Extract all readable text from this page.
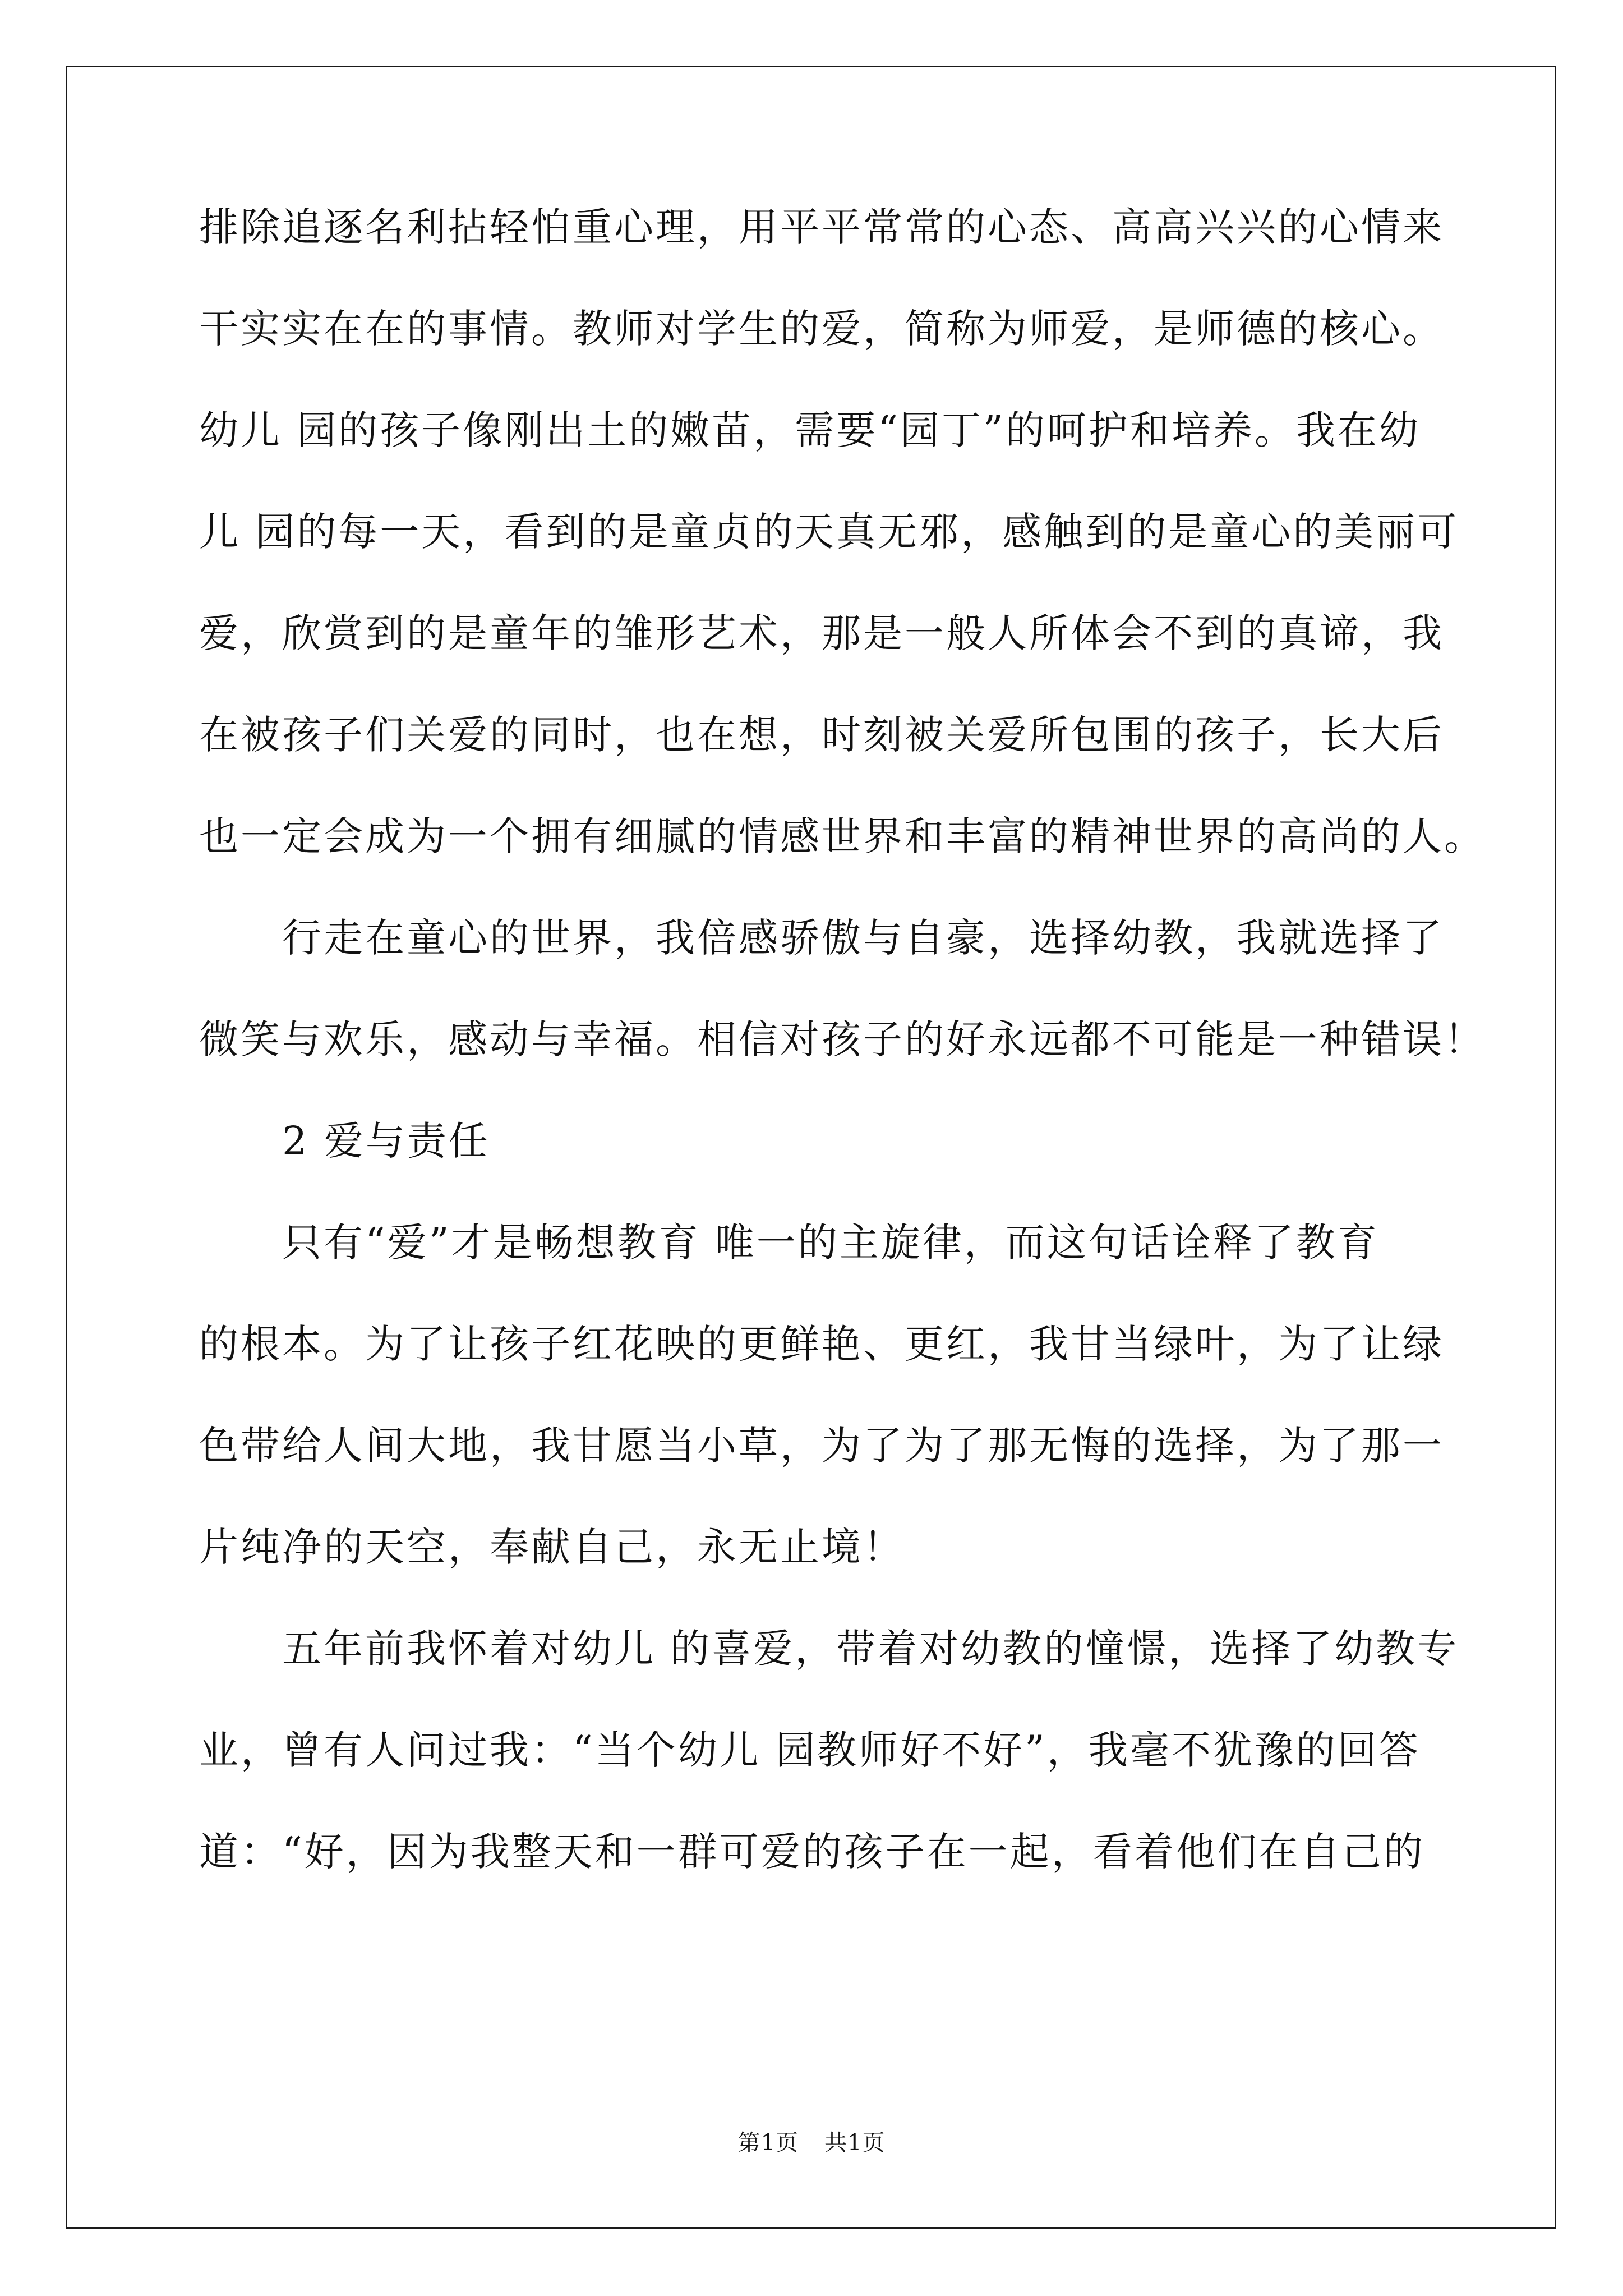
排除追逐名利拈轻怕重心理，用平平常常的心态、高高兴兴的心情来
干实实在在的事情。教师对学生的爱，简称为师爱，是师德的核心。
幼儿 园的孩子像刚出土的嫩苗，需要“园丁”的呵护和培养。我在幼
儿 园的每一天，看到的是童贞的天真无邪，感触到的是童心的美丽可
爱，欣赏到的是童年的雏形艺术，那是一般人所体会不到的真谛，我
在被孩子们关爱的同时，也在想，时刻被关爱所包围的孩子，长大后
也一定会成为一个拥有细腻的情感世界和丰富的精神世界的高尚的人。
行走在童心的世界，我倍感骄傲与自豪，选择幼教，我就选择了
微笑与欢乐，感动与幸福。相信对孩子的好永远都不可能是一种错误！
2 爱与责任
只有“爱”才是畅想教育 唯一的主旋律，而这句话诠释了教育
的根本。为了让孩子红花映的更鲜艳、更红，我甘当绿叶，为了让绿
色带给人间大地，我甘愿当小草，为了为了那无悔的选择，为了那一
片纯净的天空，奉献自己，永无止境！
五年前我怀着对幼儿 的喜爱，带着对幼教的憧憬，选择了幼教专
业，曾有人问过我：“当个幼儿 园教师好不好”，我毫不犹豫的回答
道：“好，因为我整天和一群可爱的孩子在一起，看着他们在自己的
第1页 共1页
